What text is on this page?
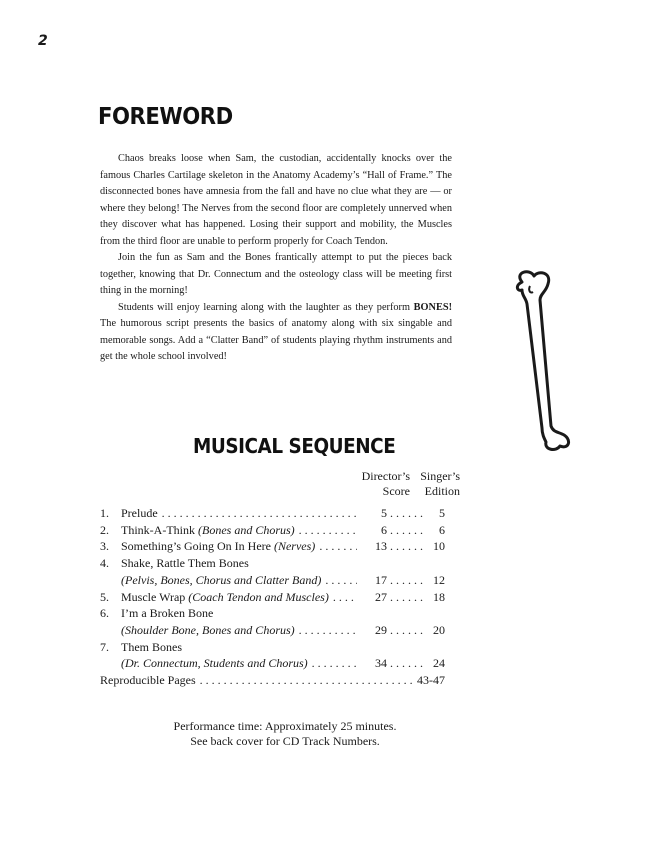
2
FOREWORD

Chaos breaks loose when Sam, the custodian, accidentally knocks over the famous Charles Cartilage skeleton in the Anatomy Academy’s “Hall of Frame.” The disconnected bones have amnesia from the fall and have no clue what they are — or where they belong! The Nerves from the second floor are completely unnerved when they discover what has happened. Losing their support and mobility, the Muscles from the third floor are unable to perform properly for Coach Tendon.

Join the fun as Sam and the Bones frantically attempt to put the pieces back together, knowing that Dr. Connectum and the osteology class will be meeting first thing in the morning!

Students will enjoy learning along with the laughter as they perform BONES! The humorous script presents the basics of anatomy along with six singable and memorable songs. Add a “Clatter Band” of students playing rhythm instruments and get the whole school involved!

MUSICAL SEQUENCE
Director’s
Score
Singer’s
Edition
1.	Prelude . . .	5 . . .	5
2.	Think-A-Think (Bones and Chorus) . . .	6 . . .	6
3.	Something’s Going On In Here (Nerves) . . .	13 . . .	10
4.	Shake, Rattle Them Bones
(Pelvis, Bones, Chorus and Clatter Band) . . .	17 . . .	12
5.	Muscle Wrap (Coach Tendon and Muscles) . . .	27 . . .	18
6.	I’m a Broken Bone
(Shoulder Bone, Bones and Chorus) . . .	29 . . .	20
7.	Them Bones
(Dr. Connectum, Students and Chorus) . . .	34 . . .	24
Reproducible Pages . . .	43-47
Performance time: Approximately 25 minutes.
See back cover for CD Track Numbers.
